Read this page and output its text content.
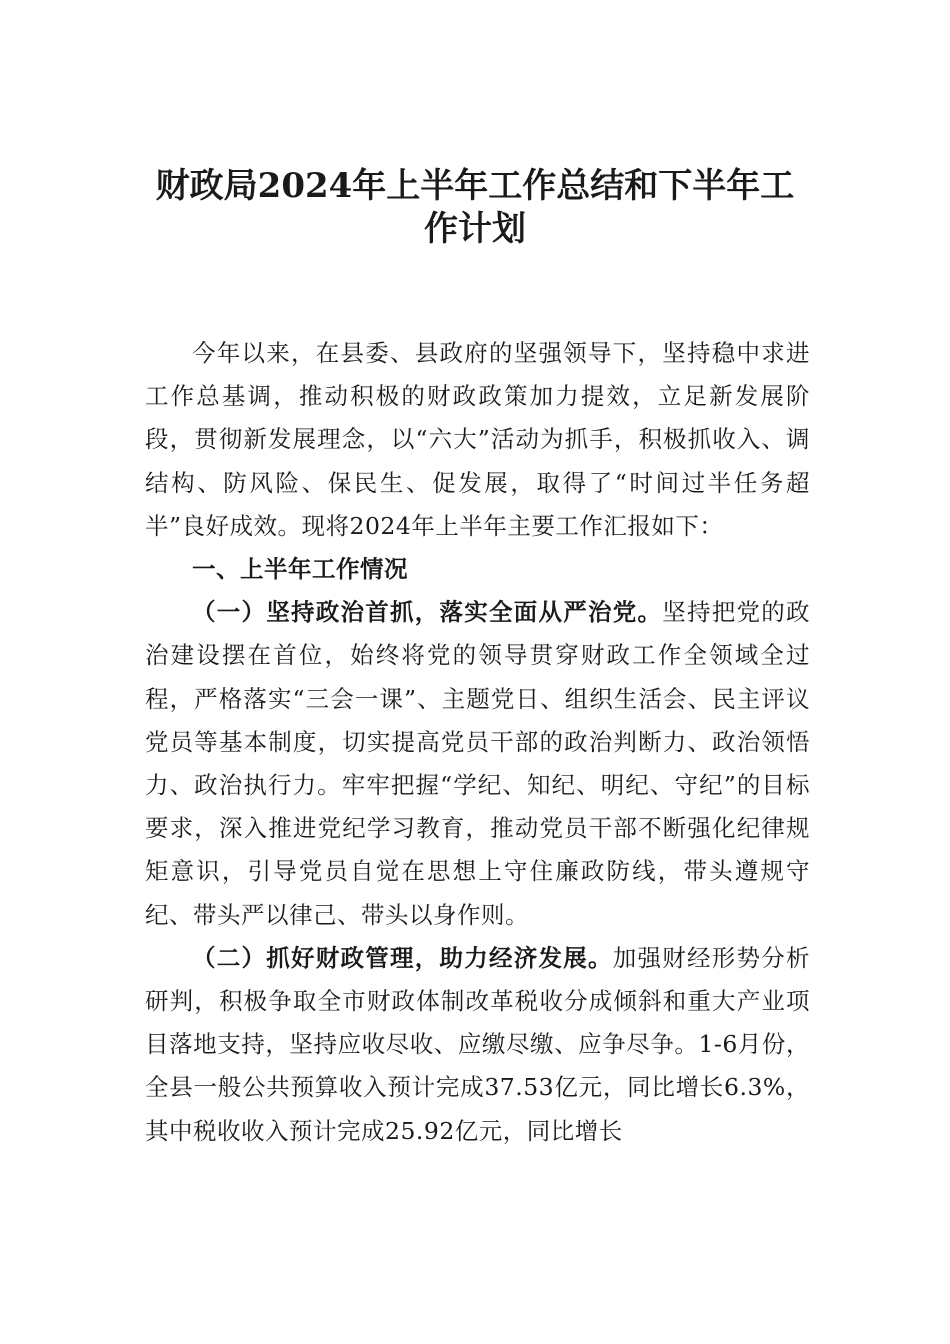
财政局2024年上半年工作总结和下半年工
作计划

今年以来，在县委、县政府的坚强领导下，坚持稳中求进工作总基调，推动积极的财政政策加力提效，立足新发展阶段，贯彻新发展理念，以“六大”活动为抓手，积极抓收入、调结构、防风险、保民生、促发展，取得了“时间过半任务超半”良好成效。现将2024年上半年主要工作汇报如下：

一、上半年工作情况

（一）坚持政治首抓，落实全面从严治党。坚持把党的政治建设摆在首位，始终将党的领导贯穿财政工作全领域全过程，严格落实“三会一课”、主题党日、组织生活会、民主评议党员等基本制度，切实提高党员干部的政治判断力、政治领悟力、政治执行力。牢牢把握“学纪、知纪、明纪、守纪”的目标要求，深入推进党纪学习教育，推动党员干部不断强化纪律规矩意识，引导党员自觉在思想上守住廉政防线，带头遵规守纪、带头严以律己、带头以身作则。

（二）抓好财政管理，助力经济发展。加强财经形势分析研判，积极争取全市财政体制改革税收分成倾斜和重大产业项目落地支持，坚持应收尽收、应缴尽缴、应争尽争。1-6月份，全县一般公共预算收入预计完成37.53亿元，同比增长6.3%，其中税收收入预计完成25.92亿元，同比增长
